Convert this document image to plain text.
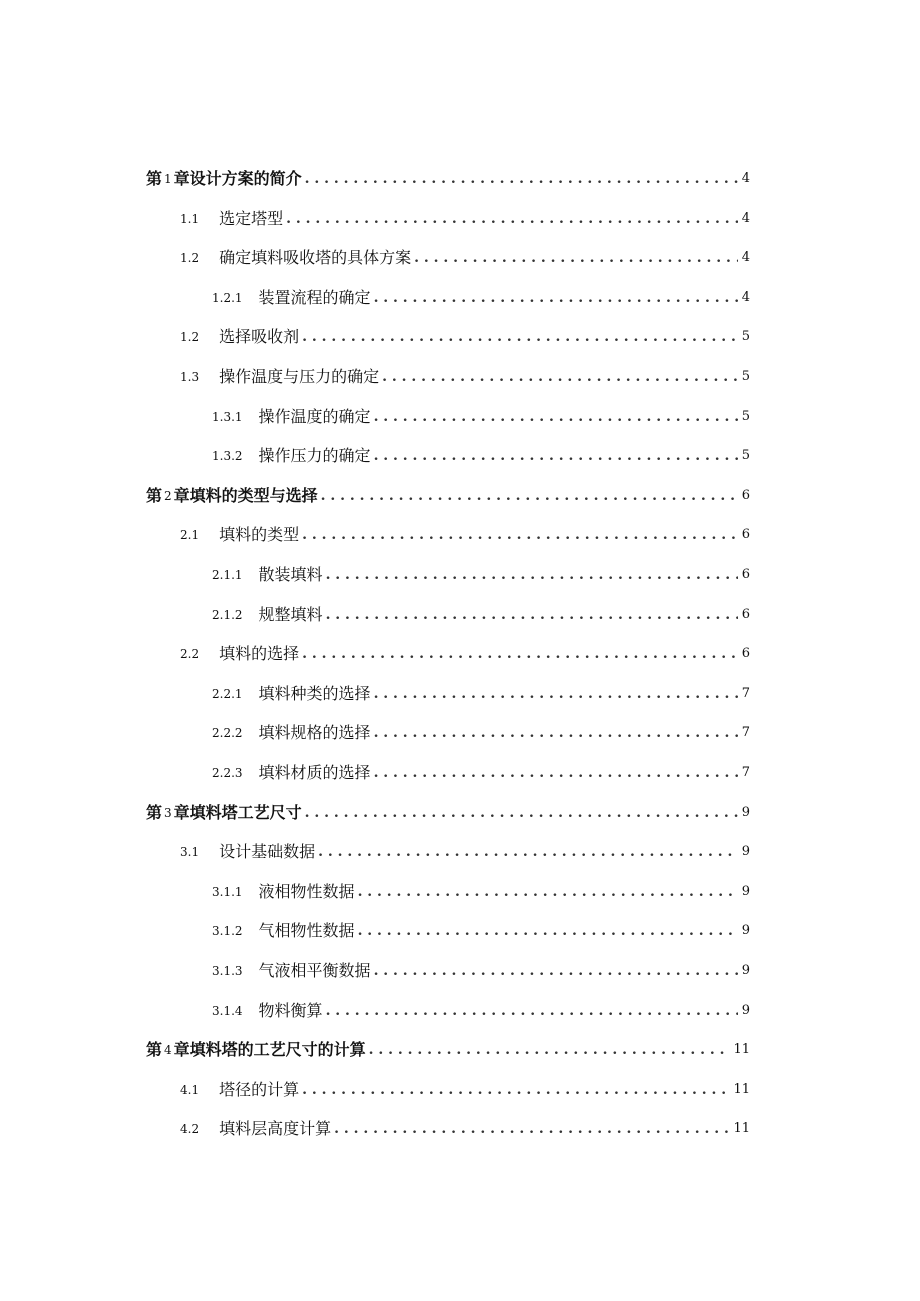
第 1 章设计方案的简介 . . .	4
1.1 选定塔型 . . .	4
1.2 确定填料吸收塔的具体方案 . . .	4
1.2.1 装置流程的确定 . . .	4
1.2 选择吸收剂 . . .	5
1.3 操作温度与压力的确定 . . .	5
1.3.1 操作温度的确定 . . .	5
1.3.2 操作压力的确定 . . .	5
第 2 章填料的类型与选择 . . .	6
2.1 填料的类型 . . .	6
2.1.1 散装填料 . . .	6
2.1.2 规整填料 . . .	6
2.2 填料的选择 . . .	6
2.2.1 填料种类的选择 . . .	7
2.2.2 填料规格的选择 . . .	7
2.2.3 填料材质的选择 . . .	7
第 3 章填料塔工艺尺寸 . . .	9
3.1 设计基础数据 . . .	9
3.1.1 液相物性数据 . . .	9
3.1.2 气相物性数据 . . .	9
3.1.3 气液相平衡数据 . . .	9
3.1.4 物料衡算 . . .	9
第 4 章填料塔的工艺尺寸的计算 . . .	11
4.1 塔径的计算 . . .	11
4.2 填料层高度计算 . . .	11
